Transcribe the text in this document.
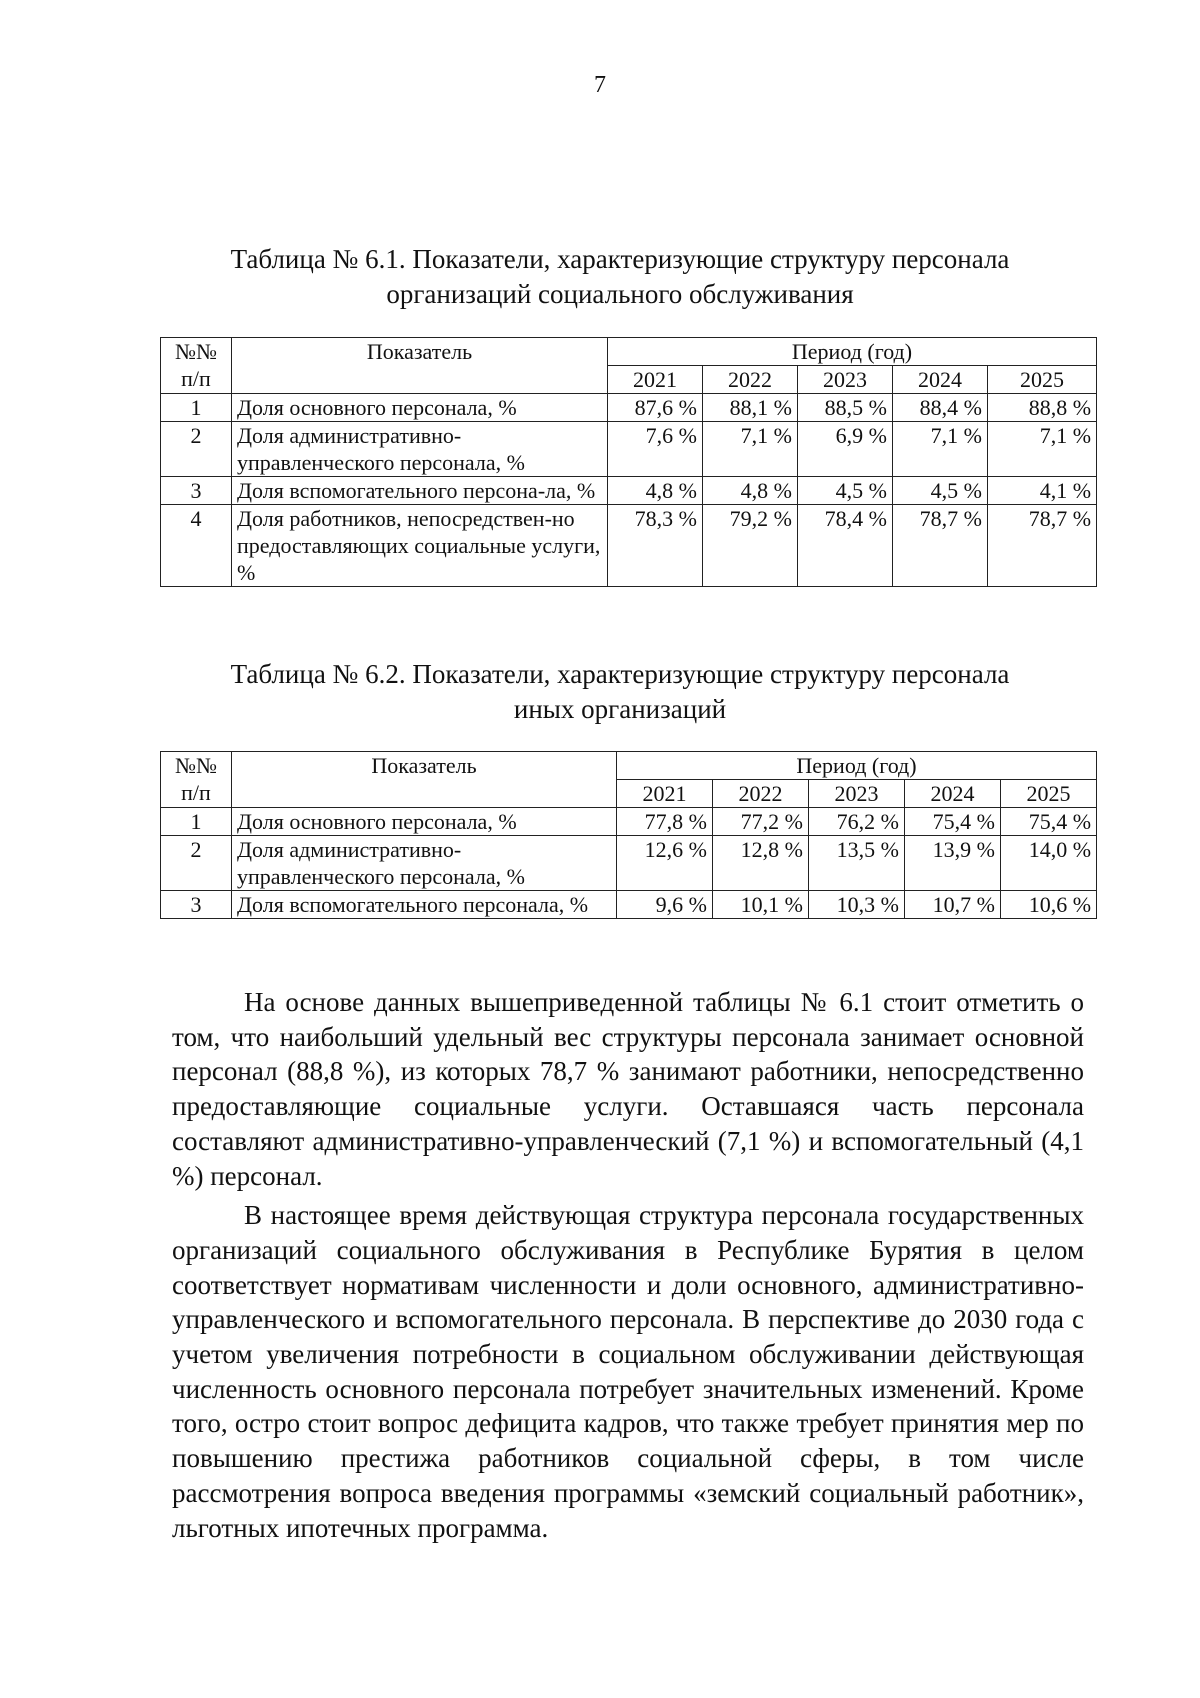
7
Таблица № 6.1. Показатели, характеризующие структуру персонала
организаций социального обслуживания
№№
п/п	Показатель	Период (год)				
		2021	2022	2023	2024	2025
1	Доля основного персонала, %	87,6 %	88,1 %	88,5 %	88,4 %	88,8 %
2	Доля административно-управленческого персонала, %	7,6 %	7,1 %	6,9 %	7,1 %	7,1 %
3	Доля вспомогательного персона-ла, %	4,8 %	4,8 %	4,5 %	4,5 %	4,1 %
4	Доля работников, непосредствен-но предоставляющих социальные услуги, %	78,3 %	79,2 %	78,4 %	78,7 %	78,7 %
Таблица № 6.2. Показатели, характеризующие структуру персонала
иных организаций
№№
п/п	Показатель	Период (год)				
		2021	2022	2023	2024	2025
1	Доля основного персонала, %	77,8 %	77,2 %	76,2 %	75,4 %	75,4 %
2	Доля административно-управленческого персонала, %	12,6 %	12,8 %	13,5 %	13,9 %	14,0 %
3	Доля вспомогательного персонала, %	9,6 %	10,1 %	10,3 %	10,7 %	10,6 %

На основе данных вышеприведенной таблицы № 6.1 стоит отметить о том, что наибольший удельный вес структуры персонала занимает основной персонал (88,8 %), из которых 78,7 % занимают работники, непосредственно предоставляющие социальные услуги. Оставшаяся часть персонала составляют административно-управленческий (7,1 %) и вспомогательный (4,1 %) персонал.

В настоящее время действующая структура персонала государственных организаций социального обслуживания в Республике Бурятия в целом соответствует нормативам численности и доли основного, административно-управленческого и вспомогательного персонала. В перспективе до 2030 года с учетом увеличения потребности в социальном обслуживании действующая численность основного персонала потребует значительных изменений. Кроме того, остро стоит вопрос дефицита кадров, что также требует принятия мер по повышению престижа работников социальной сферы, в том числе рассмотрения вопроса введения программы «земский социальный работник», льготных ипотечных программа.
